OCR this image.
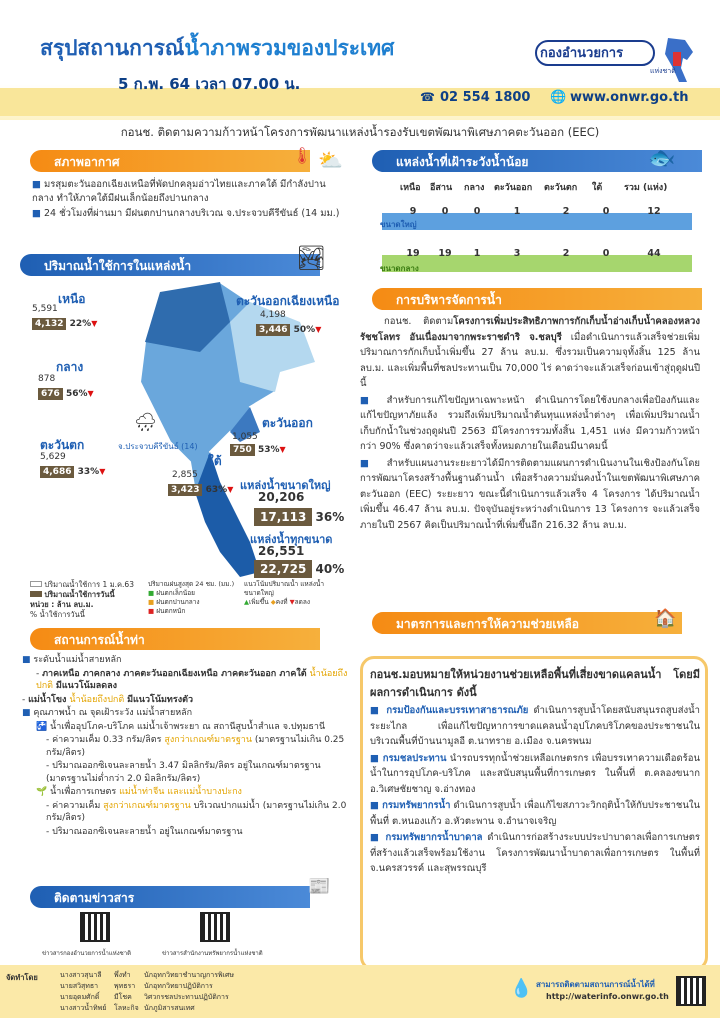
สรุปสถานการณ์น้ำภาพรวมของประเทศ
5 ก.พ. 64 เวลา 07.00 น.
กองอำนวยการ
แห่งชาติ
☎ 02 554 1800 🌐 www.onwr.go.th
กอนช. ติดตามความก้าวหน้าโครงการพัฒนาแหล่งน้ำรองรับเขตพัฒนาพิเศษภาคตะวันออก (EEC)
สภาพอากาศ	🌡 ⛅

■ มรสุมตะวันออกเฉียงเหนือที่พัดปกคลุมอ่าวไทยและภาคใต้ มีกำลังปานกลาง ทำให้ภาคใต้มีฝนเล็กน้อยถึงปานกลาง

■ 24 ชั่วโมงที่ผ่านมา มีฝนตกปานกลางบริเวณ จ.ประจวบคีรีขันธ์ (14 มม.)

ปริมาณน้ำใช้การในแหล่งน้ำ	🏞
🌧
จ.ประจวบคีรีขันธ์ (14)
เหนือ
5,591
4,132 22%▼
ตะวันออกเฉียงเหนือ
4,198
3,446 50%▼
กลาง
878
676 56%▼
ตะวันออก
1,055
750 53%▼
ตะวันตก
5,629
4,686 33%▼
ใต้
2,855
3,423 63%▼ แหล่งน้ำขนาดใหญ่
20,206
17,113 36%
แหล่งน้ำทุกขนาด
26,551
22,725 40%
ปริมาณน้ำใช้การ 1 ม.ค.63
ปริมาณน้ำใช้การวันนี้
หน่วย : ล้าน ลบ.ม.
% น้ำใช้การวันนี้
ปริมาณฝนสูงสุด 24 ชม. (มม.)
■ ฝนตกเล็กน้อย
■ ฝนตกปานกลาง
■ ฝนตกหนัก
แนวโน้มปริมาณน้ำ แหล่งน้ำขนาดใหญ่
▲เพิ่มขึ้น ◆คงที่ ▼ลดลง
สถานการณ์น้ำท่า

■ ระดับน้ำแม่น้ำสายหลัก

- ภาคเหนือ ภาคกลาง ภาคตะวันออกเฉียงเหนือ ภาคตะวันออก ภาคใต้ น้ำน้อยถึงปกติ มีแนวโน้มลดลง

- แม่น้ำโขง น้ำน้อยถึงปกติ มีแนวโน้มทรงตัว

■ คุณภาพน้ำ ณ จุดเฝ้าระวัง แม่น้ำสายหลัก

🚰 น้ำเพื่ออุปโภค-บริโภค แม่น้ำเจ้าพระยา ณ สถานีสูบน้ำสำแล จ.ปทุมธานี

- ค่าความเค็ม 0.33 กรัม/ลิตร สูงกว่าเกณฑ์มาตรฐาน (มาตรฐานไม่เกิน 0.25 กรัม/ลิตร)

- ปริมาณออกซิเจนละลายน้ำ 3.47 มิลลิกรัม/ลิตร อยู่ในเกณฑ์มาตรฐาน (มาตรฐานไม่ต่ำกว่า 2.0 มิลลิกรัม/ลิตร)

🌱 น้ำเพื่อการเกษตร แม่น้ำท่าจีน และแม่น้ำบางปะกง

- ค่าความเค็ม สูงกว่าเกณฑ์มาตรฐาน บริเวณปากแม่น้ำ (มาตรฐานไม่เกิน 2.0 กรัม/ลิตร)

- ปริมาณออกซิเจนละลายน้ำ อยู่ในเกณฑ์มาตรฐาน

ติดตามข่าวสาร
📰
ข่าวสารกองอำนวยการน้ำแห่งชาติ	ข่าวสารสำนักงานทรัพยากรน้ำแห่งชาติ
แหล่งน้ำที่เฝ้าระวังน้ำน้อย	🐟
เหนือ	อีสาน	กลาง	ตะวันออก	ตะวันตก	ใต้	รวม (แห่ง)
ขนาดใหญ่
9	0	0	1	2	0	12
ขนาดกลาง
19	19	1	3	2	0	44
การบริหารจัดการน้ำ

กอนช. ติดตามโครงการเพิ่มประสิทธิภาพการกักเก็บน้ำอ่างเก็บน้ำคลองหลวง รัชชโลทร อันเนื่องมาจากพระราชดำริ จ.ชลบุรี เมื่อดำเนินการแล้วเสร็จช่วยเพิ่มปริมาณการกักเก็บน้ำเพิ่มขึ้น 27 ล้าน ลบ.ม. ซึ่งรวมเป็นความจุทั้งสิ้น 125 ล้าน ลบ.ม. และเพิ่มพื้นที่ชลประทานเป็น 70,000 ไร่ คาดว่าจะแล้วเสร็จก่อนเข้าสู่ฤดูฝนปีนี้

■ สำหรับการแก้ไขปัญหาเฉพาะหน้า ดำเนินการโดยใช้งบกลางเพื่อป้องกันและแก้ไขปัญหาภัยแล้ง รวมถึงเพิ่มปริมาณน้ำต้นทุนแหล่งน้ำต่างๆ เพื่อเพิ่มปริมาณน้ำเก็บกักน้ำในช่วงฤดูฝนปี 2563 มีโครงการรวมทั้งสิ้น 1,451 แห่ง มีความก้าวหน้ากว่า 90% ซึ่งคาดว่าจะแล้วเสร็จทั้งหมดภายในเดือนมีนาคมนี้

■ สำหรับแผนงานระยะยาวได้มีการติดตามแผนการดำเนินงานในเชิงป้องกันโดยการพัฒนาโครงสร้างพื้นฐานด้านน้ำ เพื่อสร้างความมั่นคงน้ำในเขตพัฒนาพิเศษภาคตะวันออก (EEC) ระยะยาว ขณะนี้ดำเนินการแล้วเสร็จ 4 โครงการ ได้ปริมาณน้ำเพิ่มขึ้น 46.47 ล้าน ลบ.ม. ปัจจุบันอยู่ระหว่างดำเนินการ 13 โครงการ จะแล้วเสร็จภายในปี 2567 คิดเป็นปริมาณน้ำที่เพิ่มขึ้นอีก 216.32 ล้าน ลบ.ม.

มาตรการและการให้ความช่วยเหลือ	🏠

กอนช.มอบหมายให้หน่วยงานช่วยเหลือพื้นที่เสี่ยงขาดแคลนน้ำ โดยมีผลการดำเนินการ ดังนี้

■ กรมป้องกันและบรรเทาสาธารณภัย ดำเนินการสูบน้ำโดยสนับสนุนรถสูบส่งน้ำระยะไกล เพื่อแก้ไขปัญหาการขาดแคลนน้ำอุปโภคบริโภคของประชาชนในบริเวณพื้นที่บ้านนามูลอี ต.นาทราย อ.เมือง จ.นครพนม

■ กรมชลประทาน นำรถบรรทุกน้ำช่วยเหลือเกษตรกร เพื่อบรรเทาความเดือดร้อนน้ำในการอุปโภค-บริโภค และสนับสนุนพื้นที่การเกษตร ในพื้นที่ ต.คลองขนาก อ.วิเศษชัยชาญ จ.อ่างทอง

■ กรมทรัพยากรน้ำ ดำเนินการสูบน้ำ เพื่อแก้ไขสภาวะวิกฤติน้ำให้กับประชาชนในพื้นที่ ต.หนองแก้ว อ.หัวตะพาน จ.อำนาจเจริญ

■ กรมทรัพยากรน้ำบาดาล ดำเนินการก่อสร้างระบบประปาบาดาลเพื่อการเกษตรที่สร้างแล้วเสร็จพร้อมใช้งาน โครงการพัฒนาน้ำบาดาลเพื่อการเกษตร ในพื้นที่ จ.นครสวรรค์ และสุพรรณบุรี

จัดทำโดย	นางสาวสุนาลี พึ่งทำ นักอุทกวิทยาชำนาญการพิเศษ
นายสวิสุทธา พุทธรา นักอุทกวิทยาปฏิบัติการ
นายอุดมศักดิ์ มีโชค วิศวกรชลประทานปฏิบัติการ
นางสาวน้ำทิพย์ โลหะกิจ นักภูมิสารสนเทศ
💧 สามารถติดตามสถานการณ์น้ำได้ที่
http://waterinfo.onwr.go.th
